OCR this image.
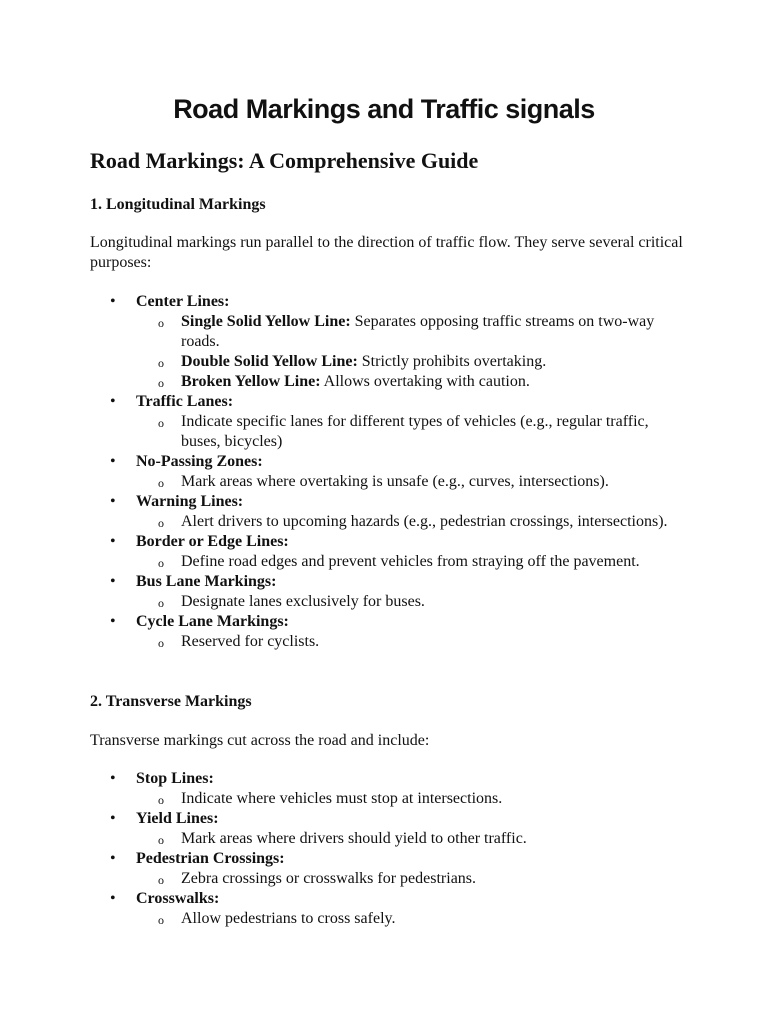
Road Markings and Traffic signals
Road Markings: A Comprehensive Guide
1. Longitudinal Markings

Longitudinal markings run parallel to the direction of traffic flow. They serve several critical purposes:

• Center Lines:
o Single Solid Yellow Line: Separates opposing traffic streams on two-way roads.
o Double Solid Yellow Line: Strictly prohibits overtaking.
o Broken Yellow Line: Allows overtaking with caution.
• Traffic Lanes:
o Indicate specific lanes for different types of vehicles (e.g., regular traffic, buses, bicycles)
• No-Passing Zones:
o Mark areas where overtaking is unsafe (e.g., curves, intersections).
• Warning Lines:
o Alert drivers to upcoming hazards (e.g., pedestrian crossings, intersections).
• Border or Edge Lines:
o Define road edges and prevent vehicles from straying off the pavement.
• Bus Lane Markings:
o Designate lanes exclusively for buses.
• Cycle Lane Markings:
o Reserved for cyclists.
2. Transverse Markings

Transverse markings cut across the road and include:

• Stop Lines:
o Indicate where vehicles must stop at intersections.
• Yield Lines:
o Mark areas where drivers should yield to other traffic.
• Pedestrian Crossings:
o Zebra crossings or crosswalks for pedestrians.
• Crosswalks:
o Allow pedestrians to cross safely.
